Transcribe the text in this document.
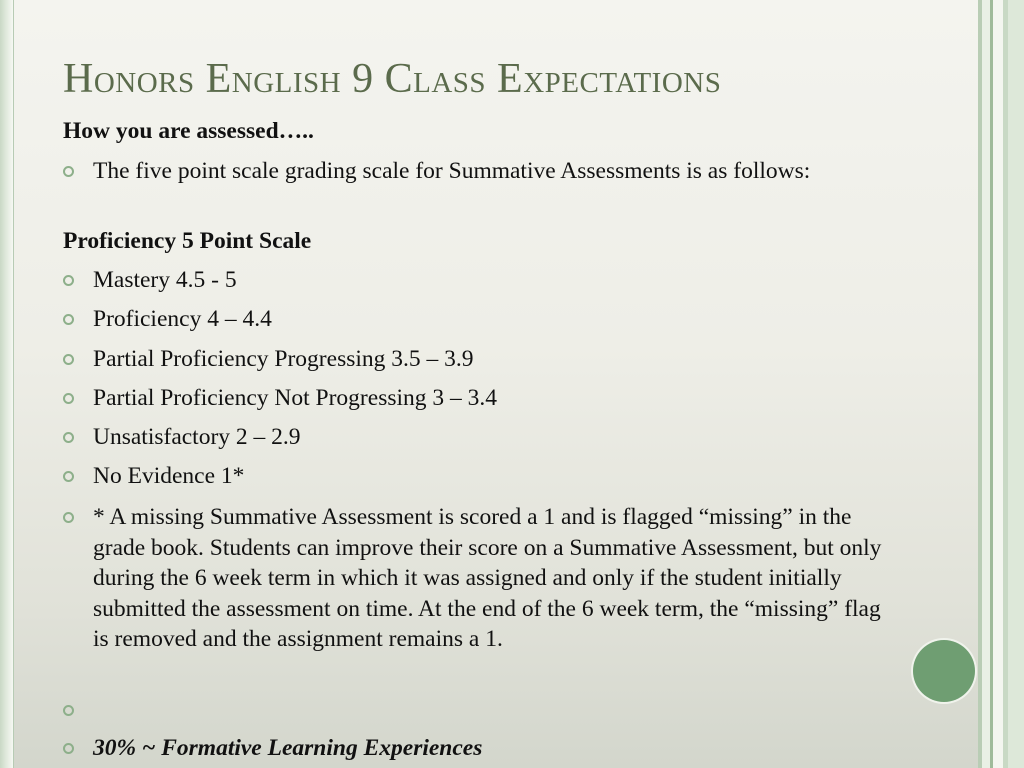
Honors English 9 Class Expectations
How you are assessed…..
The five point scale grading scale for Summative Assessments is as follows:
Proficiency 5 Point Scale
Mastery 4.5 - 5
Proficiency 4 – 4.4
Partial Proficiency Progressing 3.5 – 3.9
Partial Proficiency Not Progressing 3 – 3.4
Unsatisfactory 2 – 2.9
No Evidence 1*
* A missing Summative Assessment is scored a 1 and is flagged “missing” in the grade book. Students can improve their score on a Summative Assessment, but only during the 6 week term in which it was assigned and only if the student initially submitted the assessment on time. At the end of the 6 week term, the “missing” flag is removed and the assignment remains a 1.
30% ~ Formative Learning Experiences
